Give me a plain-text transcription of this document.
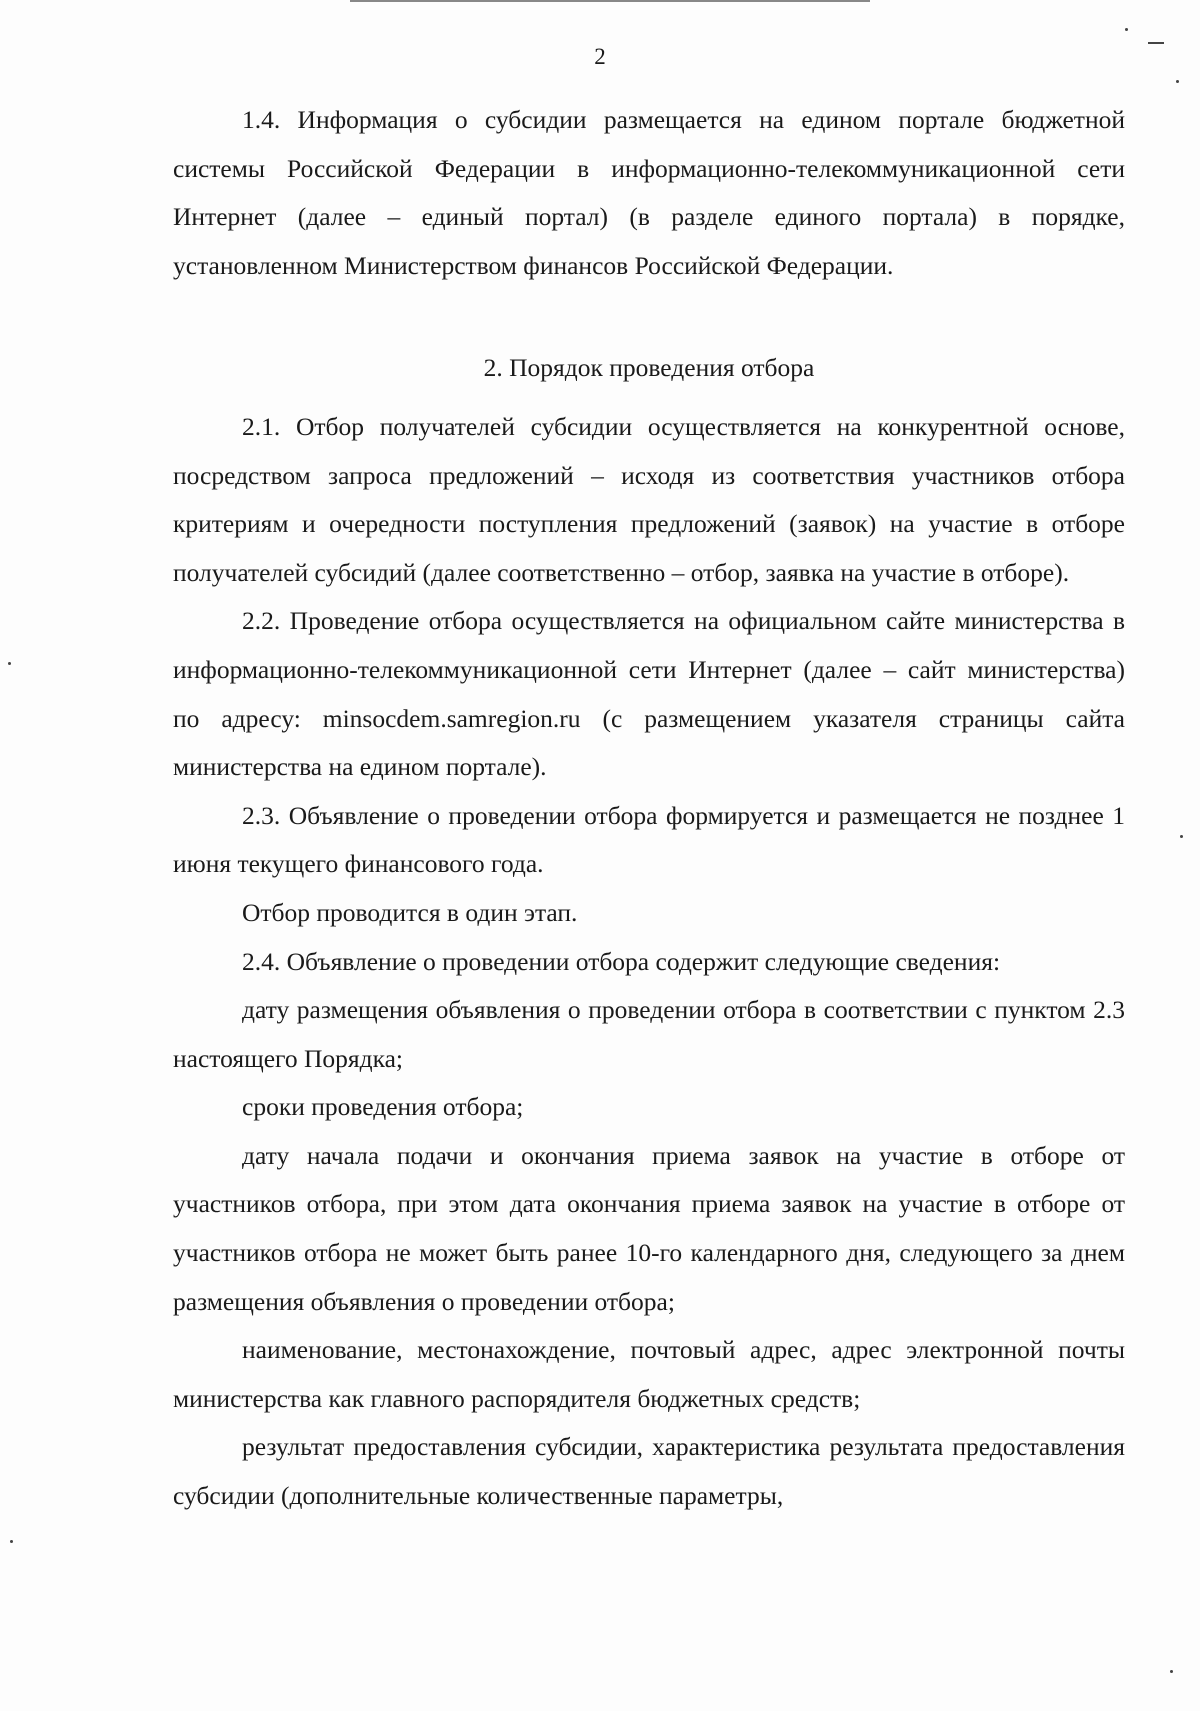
2

1.4. Информация о субсидии размещается на едином портале бюджетной системы Российской Федерации в информационно-телекоммуникационной сети Интернет (далее – единый портал) (в разделе единого портала) в порядке, установленном Министерством финансов Российской Федерации.

2. Порядок проведения отбора

2.1. Отбор получателей субсидии осуществляется на конкурентной основе, посредством запроса предложений – исходя из соответствия участников отбора критериям и очередности поступления предложений (заявок) на участие в отборе получателей субсидий (далее соответственно – отбор, заявка на участие в отборе).

2.2. Проведение отбора осуществляется на официальном сайте министерства в информационно-телекоммуникационной сети Интернет (далее – сайт министерства) по адресу: minsocdem.samregion.ru (с размещением указателя страницы сайта министерства на едином портале).

2.3. Объявление о проведении отбора формируется и размещается не позднее 1 июня текущего финансового года.

Отбор проводится в один этап.

2.4. Объявление о проведении отбора содержит следующие сведения:

дату размещения объявления о проведении отбора в соответствии с пунктом 2.3 настоящего Порядка;

сроки проведения отбора;

дату начала подачи и окончания приема заявок на участие в отборе от участников отбора, при этом дата окончания приема заявок на участие в отборе от участников отбора не может быть ранее 10-го календарного дня, следующего за днем размещения объявления о проведении отбора;

наименование, местонахождение, почтовый адрес, адрес электронной почты министерства как главного распорядителя бюджетных средств;

результат предоставления субсидии, характеристика результата предоставления субсидии (дополнительные количественные параметры,
